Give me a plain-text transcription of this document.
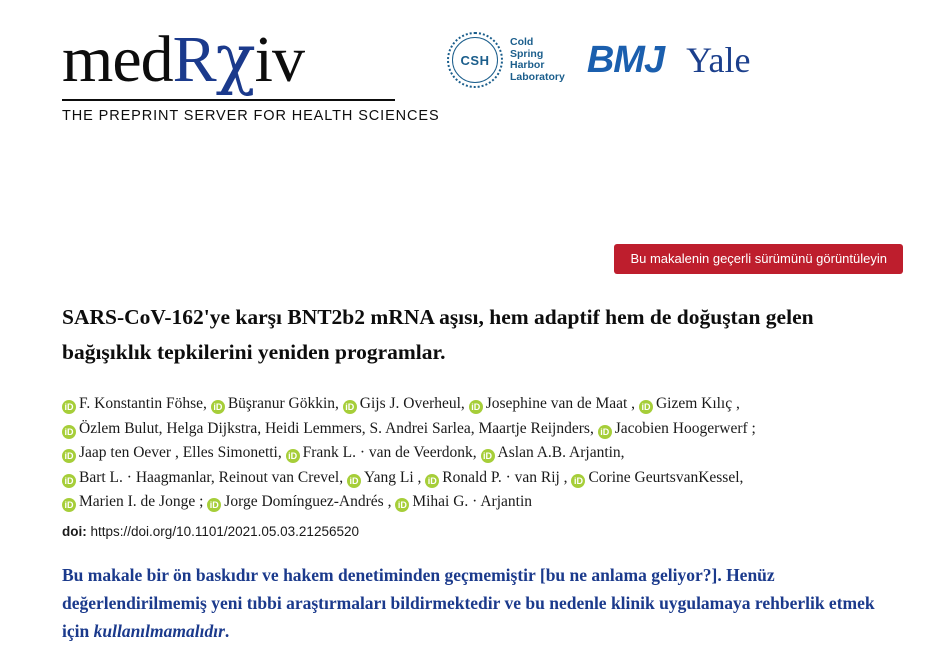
medRχiv
THE PREPRINT SERVER FOR HEALTH SCIENCES
CSH
Cold
Spring
Harbor
Laboratory BMJ Yale
Bu makalenin geçerli sürümünü görüntüleyin
SARS-CoV-162'ye karşı BNT2b2 mRNA aşısı, hem adaptif hem de doğuştan gelen bağışıklık tepkilerini yeniden programlar.
iD F. Konstantin Föhse, iD Büşranur Gökkin, iD Gijs J. Overheul, iD Josephine van de Maat , iD Gizem Kılıç ,
iD Özlem Bulut, Helga Dijkstra, Heidi Lemmers, S. Andrei Sarlea, Maartje Reijnders, iD Jacobien Hoogerwerf ;
iD Jaap ten Oever , Elles Simonetti, iD Frank L. · van de Veerdonk, iD Aslan A.B. Arjantin,
iD Bart L. · Haagmanlar, Reinout van Crevel, iD Yang Li , iD Ronald P. · van Rij , iD Corine GeurtsvanKessel,
iD Marien I. de Jonge ; iD Jorge Domínguez-Andrés , iD Mihai G. · Arjantin
doi: https://doi.org/10.1101/2021.05.03.21256520
Bu makale bir ön baskıdır ve hakem denetiminden geçmemiştir [bu ne anlama geliyor?]. Henüz değerlendirilmemiş yeni tıbbi araştırmaları bildirmektedir ve bu nedenle klinik uygulamaya rehberlik etmek için kullanılmamalıdır.
